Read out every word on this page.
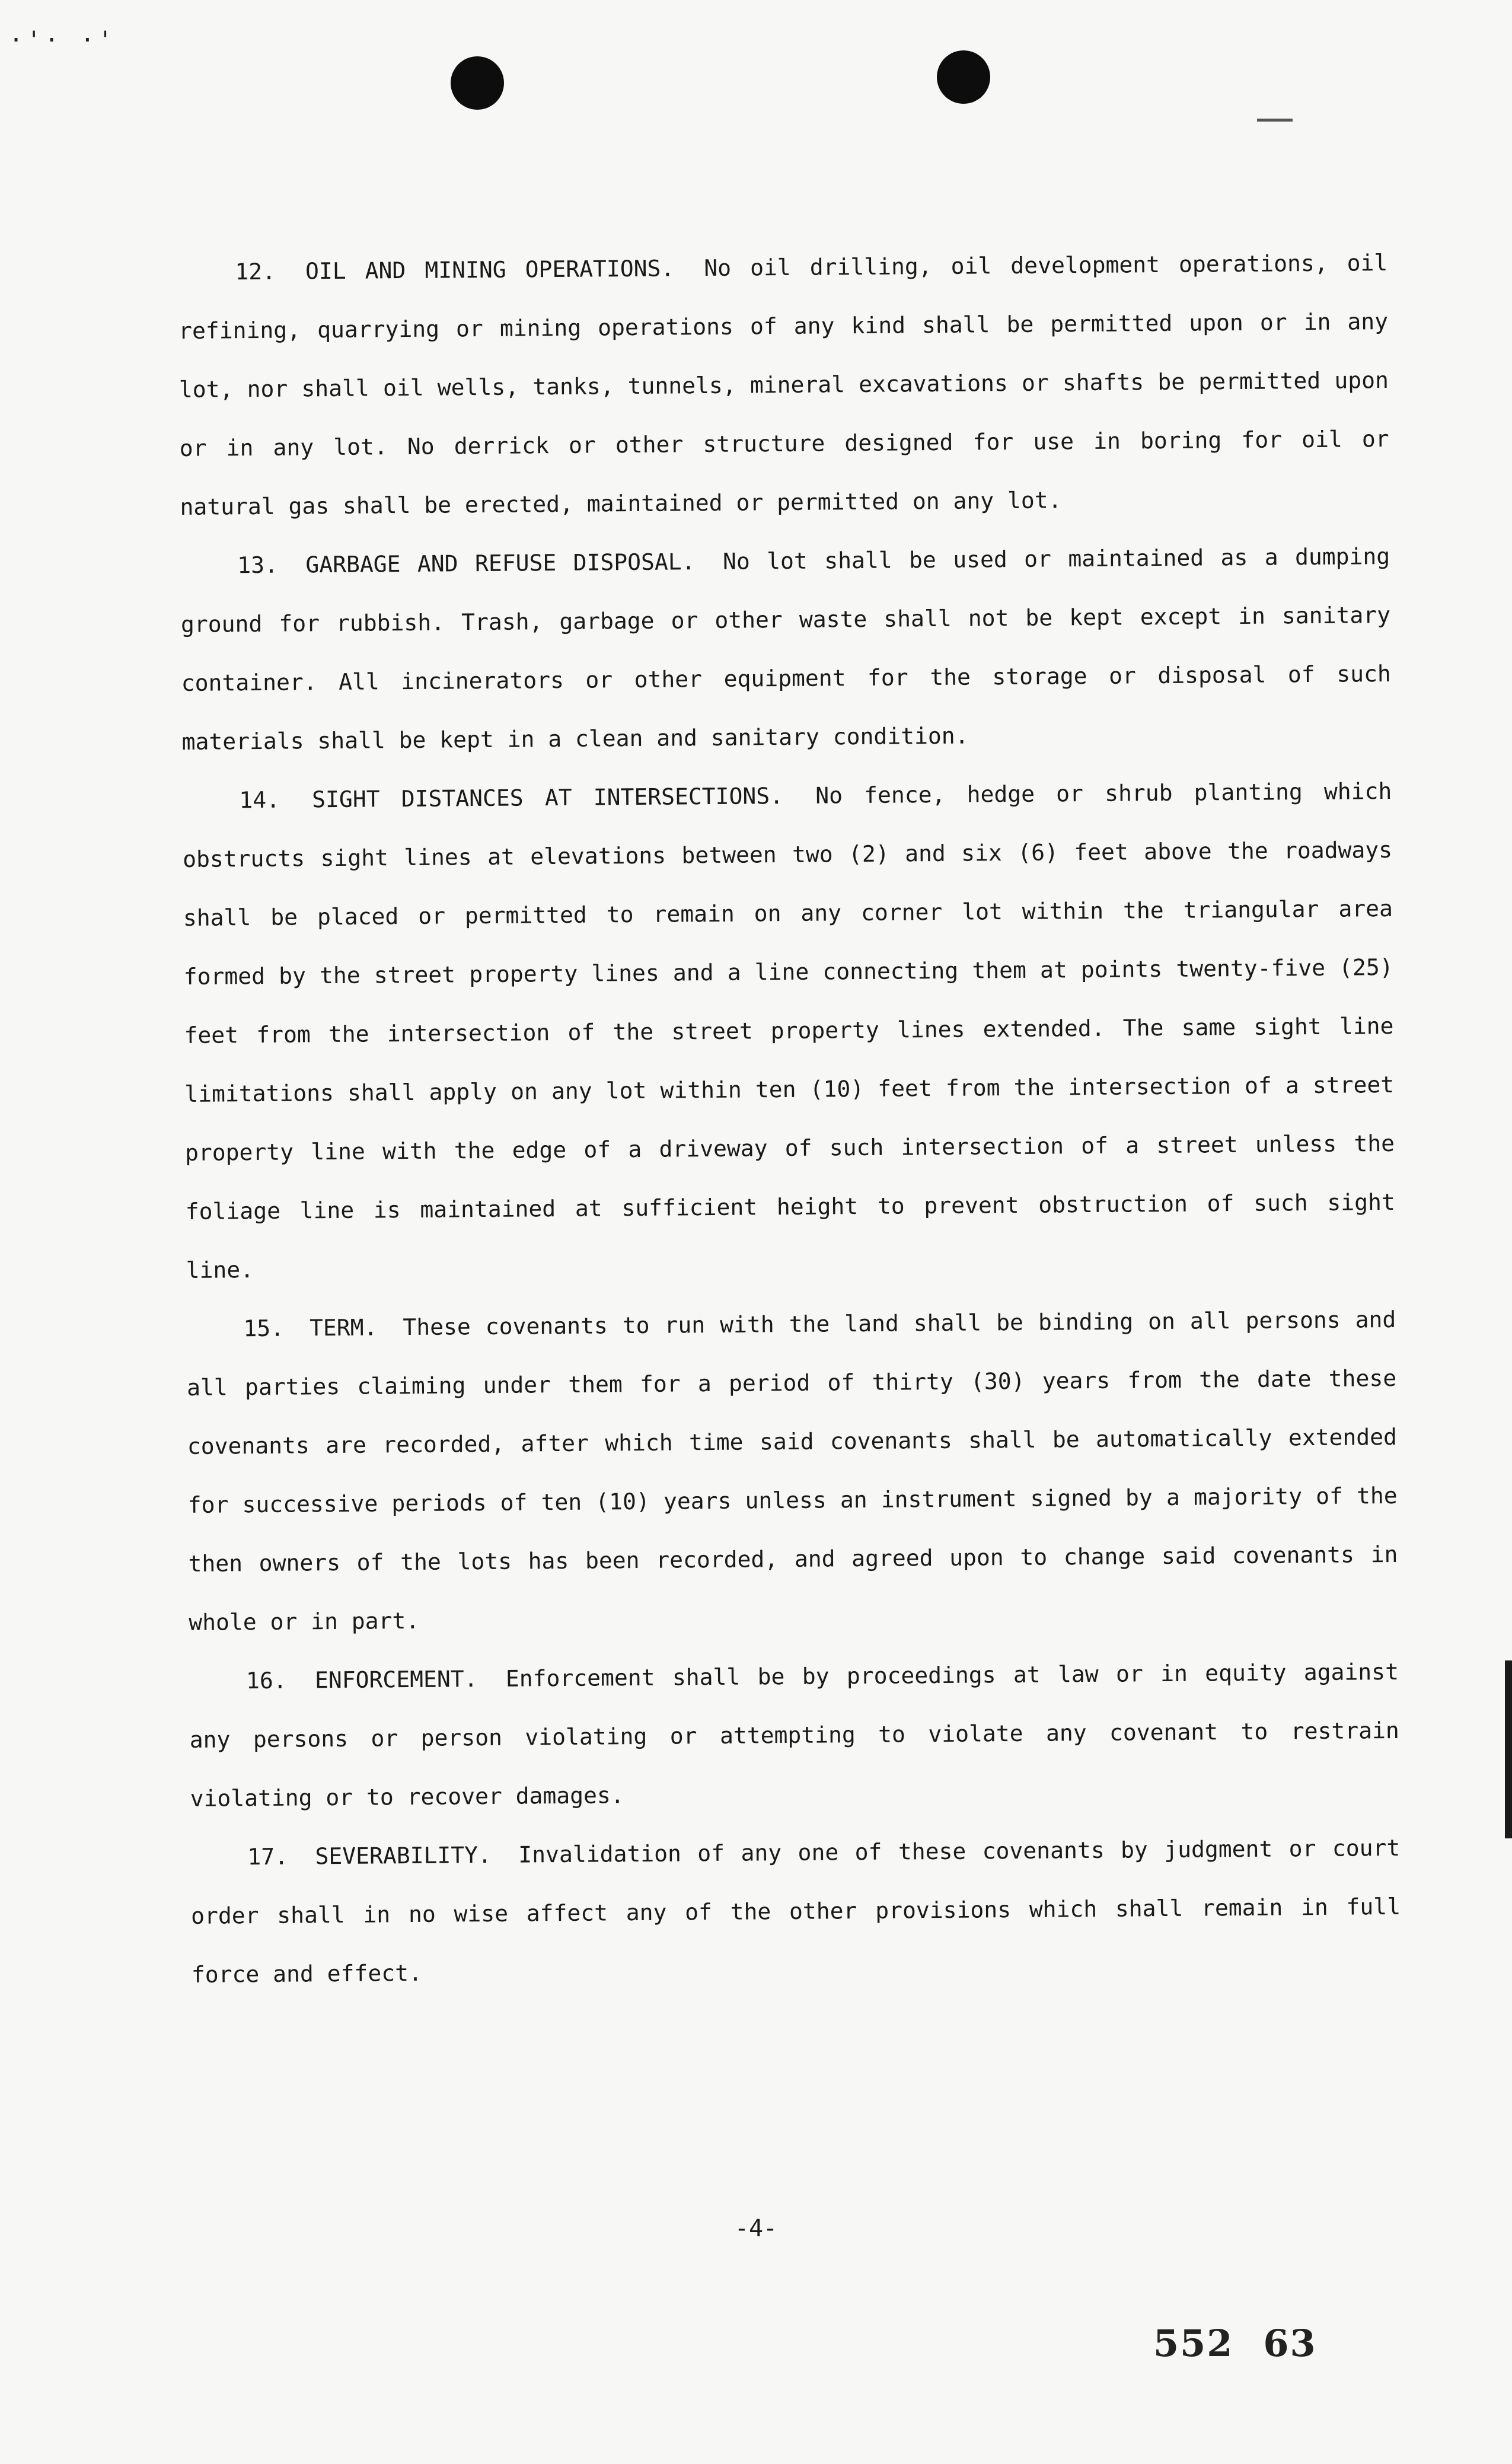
·'· ·'

12. OIL AND MINING OPERATIONS. No oil drilling, oil development operations, oil refining, quarrying or mining operations of any kind shall be permitted upon or in any lot, nor shall oil wells, tanks, tunnels, mineral excavations or shafts be permitted upon or in any lot. No derrick or other structure designed for use in boring for oil or natural gas shall be erected, maintained or permitted on any lot.

13. GARBAGE AND REFUSE DISPOSAL. No lot shall be used or maintained as a dumping ground for rubbish. Trash, garbage or other waste shall not be kept except in sanitary container. All incinerators or other equipment for the storage or disposal of such materials shall be kept in a clean and sanitary condition.

14. SIGHT DISTANCES AT INTERSECTIONS. No fence, hedge or shrub planting which obstructs sight lines at elevations between two (2) and six (6) feet above the roadways shall be placed or permitted to remain on any corner lot within the triangular area formed by the street property lines and a line connecting them at points twenty-five (25) feet from the intersection of the street property lines extended. The same sight line limitations shall apply on any lot within ten (10) feet from the intersection of a street property line with the edge of a driveway of such intersection of a street unless the foliage line is maintained at sufficient height to prevent obstruction of such sight line.

15. TERM. These covenants to run with the land shall be binding on all persons and all parties claiming under them for a period of thirty (30) years from the date these covenants are recorded, after which time said covenants shall be automatically extended for successive periods of ten (10) years unless an instrument signed by a majority of the then owners of the lots has been recorded, and agreed upon to change said covenants in whole or in part.

16. ENFORCEMENT. Enforcement shall be by proceedings at law or in equity against any persons or person violating or attempting to violate any covenant to restrain violating or to recover damages.

17. SEVERABILITY. Invalidation of any one of these covenants by judgment or court order shall in no wise affect any of the other provisions which shall remain in full force and effect.

-4-
552 63
